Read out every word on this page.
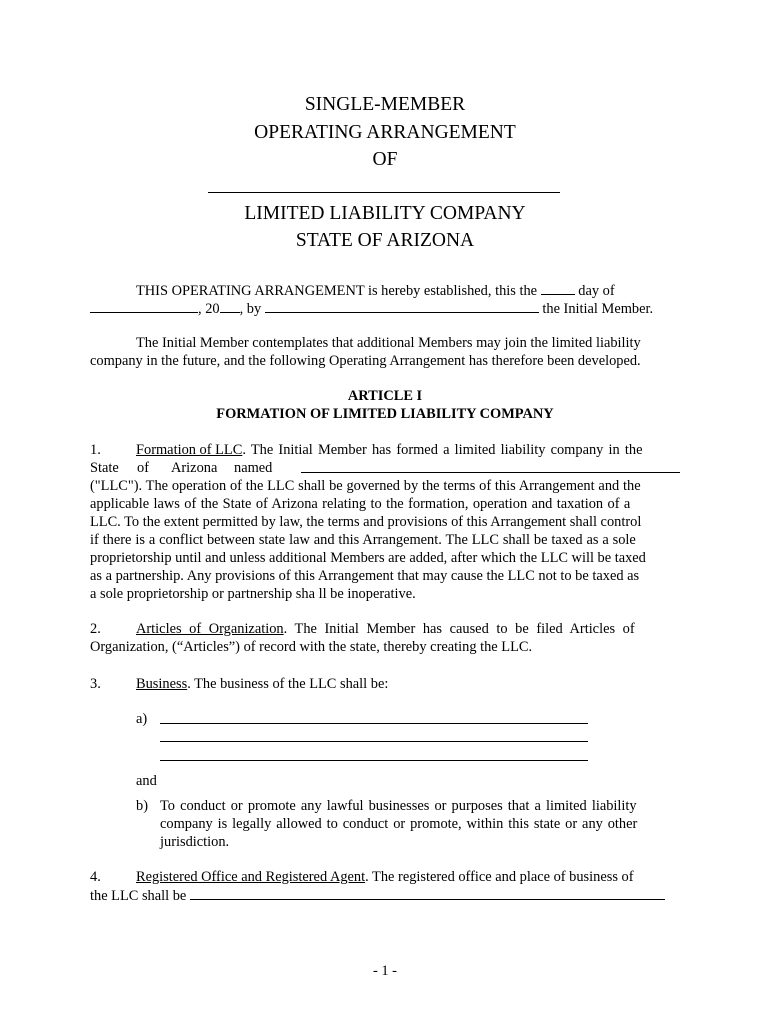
SINGLE-MEMBER
OPERATING ARRANGEMENT
OF
LIMITED LIABILITY COMPANY
STATE OF ARIZONA
THIS OPERATING ARRANGEMENT is hereby established, this the  day of
, 20 , by	the Initial Member.
The Initial Member contemplates that additional Members may join the limited liability
company in the future, and the following Operating Arrangement has therefore been developed.
ARTICLE I
FORMATION OF LIMITED LIABILITY COMPANY
1. Formation of LLC. The Initial Member has formed a limited liability company in the
State of Arizona named
("LLC"). The operation of the LLC shall be governed by the terms of this Arrangement and the
applicable laws of the State of Arizona relating to the formation, operation and taxation of a
LLC. To the extent permitted by law, the terms and provisions of this Arrangement shall control
if there is a conflict between state law and this Arrangement. The LLC shall be taxed as a sole
proprietorship until and unless additional Members are added, after which the LLC will be taxed
as a partnership. Any provisions of this Arrangement that may cause the LLC not to be taxed as
a sole proprietorship or partnership sha ll be inoperative.
2. Articles of Organization. The Initial Member has caused to be filed Articles of
Organization, (“Articles”) of record with the state, thereby creating the LLC.
3. Business. The business of the LLC shall be:
a)
and
b) To conduct or promote any lawful businesses or purposes that a limited liability
company is legally allowed to conduct or promote, within this state or any other
jurisdiction.
4. Registered Office and Registered Agent. The registered office and place of business of
the LLC shall be
- 1 -
